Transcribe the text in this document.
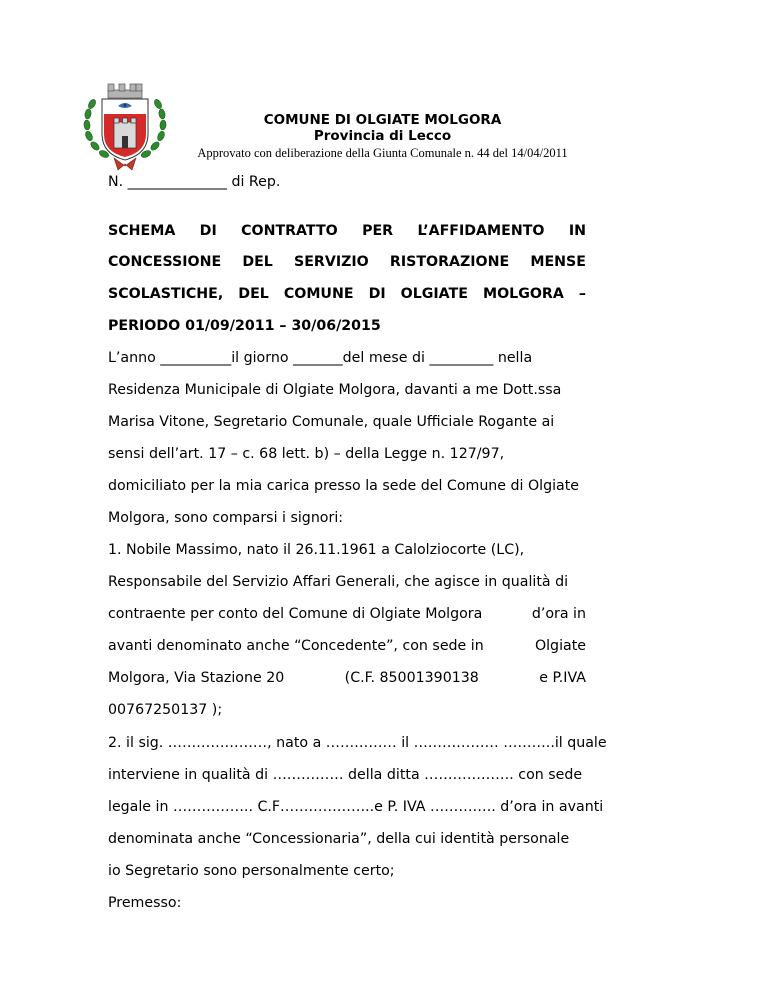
COMUNE DI OLGIATE MOLGORA
Provincia di Lecco
Approvato con deliberazione della Giunta Comunale n. 44 del 14/04/2011
N. ______________ di Rep.
SCHEMA DI CONTRATTO PER L’AFFIDAMENTO IN
CONCESSIONE DEL SERVIZIO RISTORAZIONE MENSE
SCOLASTICHE, DEL COMUNE DI OLGIATE MOLGORA –
PERIODO 01/09/2011 – 30/06/2015
L’anno __________il giorno _______del mese di _________ nella
Residenza Municipale di Olgiate Molgora, davanti a me Dott.ssa
Marisa Vitone, Segretario Comunale, quale Ufficiale Rogante ai
sensi dell’art. 17 – c. 68 lett. b) – della Legge n. 127/97,
domiciliato per la mia carica presso la sede del Comune di Olgiate
Molgora, sono comparsi i signori:
1. Nobile Massimo, nato il 26.11.1961 a Calolziocorte (LC),
Responsabile del Servizio Affari Generali, che agisce in qualità di
contraente per conto del Comune di Olgiate Molgora	d’ora in
avanti denominato anche “Concedente”, con sede in	Olgiate
Molgora, Via Stazione 20	(C.F. 85001390138	e P.IVA
00767250137 );
2. il sig. …………………, nato a …………… il ……………… ………..il quale
interviene in qualità di …………… della ditta ………………. con sede
legale in …………….. C.F………………..e P. IVA ………….. d’ora in avanti
denominata anche “Concessionaria”, della cui identità personale
io Segretario sono personalmente certo;
Premesso:
